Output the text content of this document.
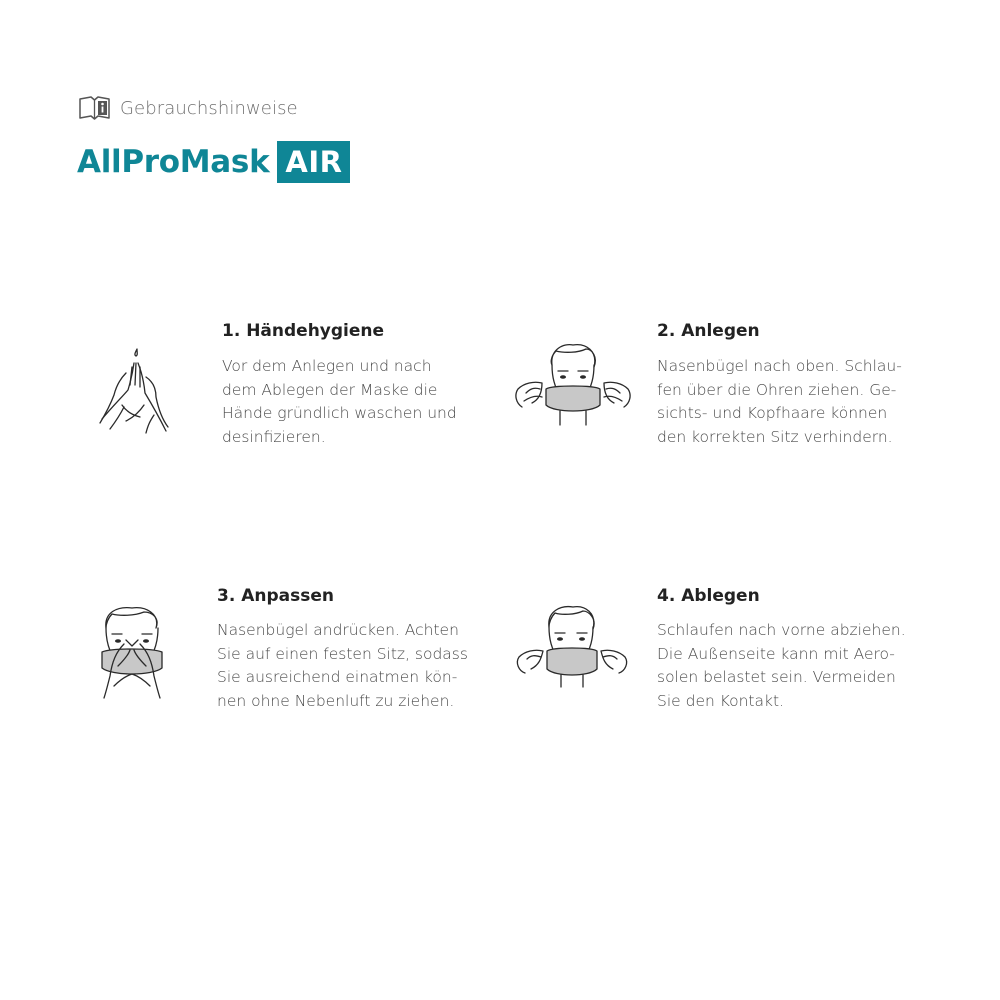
Gebrauchshinweise
AllProMask AIR
1. Händehygiene
Vor dem Anlegen und nach
dem Ablegen der Maske die
Hände gründlich waschen und
desinfizieren.
2. Anlegen
Nasenbügel nach oben. Schlau-
fen über die Ohren ziehen. Ge-
sichts- und Kopfhaare können
den korrekten Sitz verhindern.
3. Anpassen
Nasenbügel andrücken. Achten
Sie auf einen festen Sitz, sodass
Sie ausreichend einatmen kön-
nen ohne Nebenluft zu ziehen.
4. Ablegen
Schlaufen nach vorne abziehen.
Die Außenseite kann mit Aero-
solen belastet sein. Vermeiden
Sie den Kontakt.
